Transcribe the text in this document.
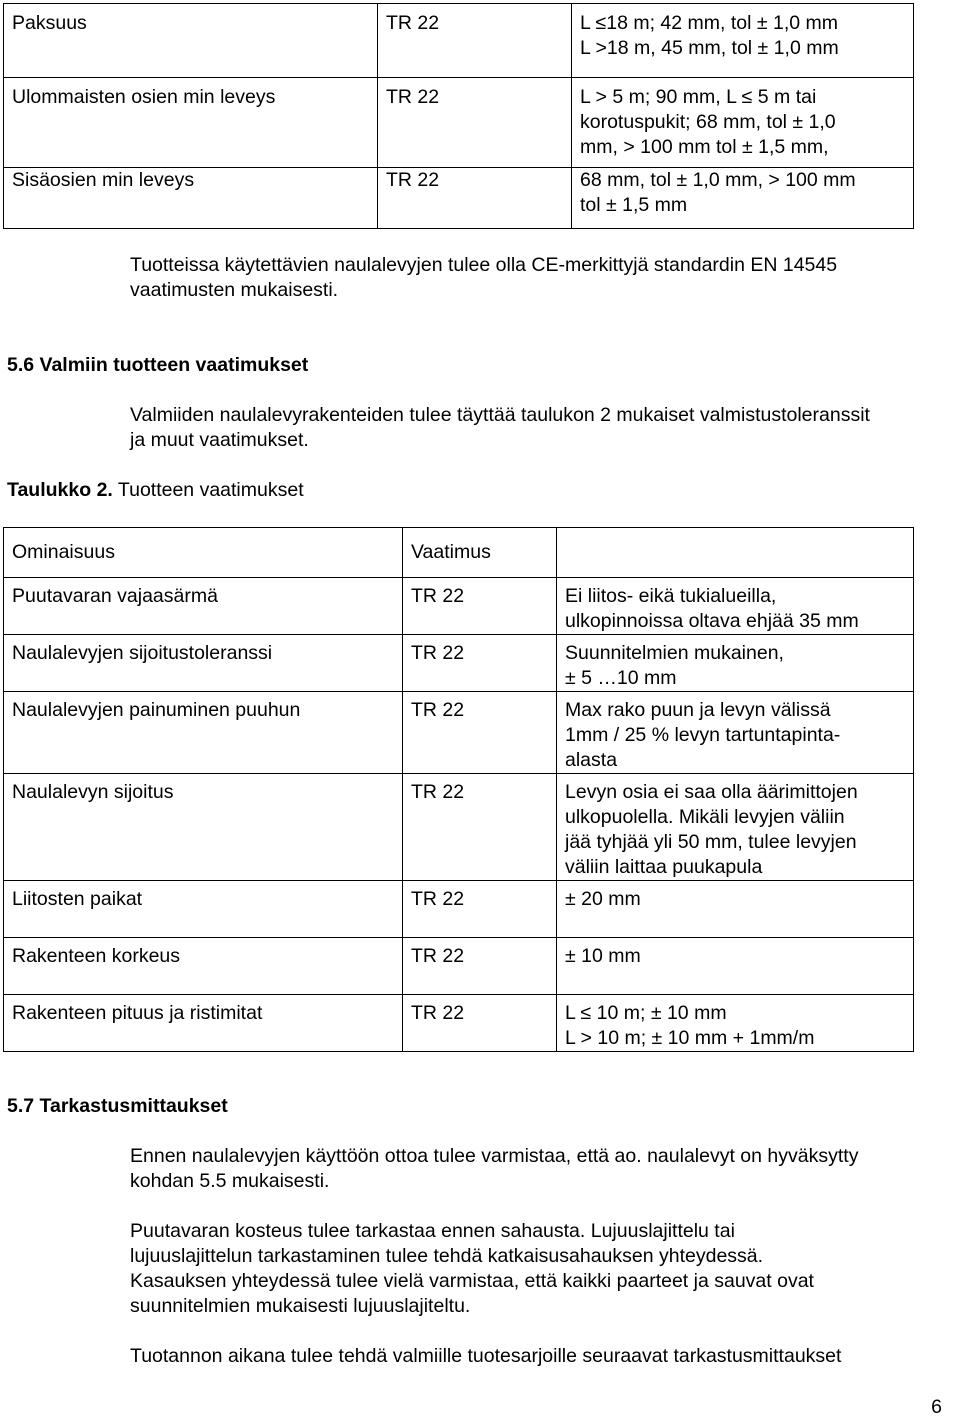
Paksuus	TR 22	L ≤18 m; 42 mm, tol ± 1,0 mm
L >18 m, 45 mm, tol ± 1,0 mm

Ulommaisten osien min leveys	TR 22	L > 5 m; 90 mm, L ≤ 5 m tai
korotuspukit; 68 mm, tol ± 1,0
mm, > 100 mm tol ± 1,5 mm,

Sisäosien min leveys	TR 22	68 mm, tol ± 1,0 mm, > 100 mm
tol ± 1,5 mm
Tuotteissa käytettävien naulalevyjen tulee olla CE-merkittyjä standardin EN 14545
vaatimusten mukaisesti.
5.6 Valmiin tuotteen vaatimukset
Valmiiden naulalevyrakenteiden tulee täyttää taulukon 2 mukaiset valmistustoleranssit
ja muut vaatimukset.
Taulukko 2. Tuotteen vaatimukset
Ominaisuus	Vaatimus	

Puutavaran vajaasärmä	TR 22	Ei liitos- eikä tukialueilla,
ulkopinnoissa oltava ehjää 35 mm

Naulalevyjen sijoitustoleranssi	TR 22	Suunnitelmien mukainen,
± 5 …10 mm

Naulalevyjen painuminen puuhun	TR 22	Max rako puun ja levyn välissä
1mm / 25 % levyn tartuntapinta-
alasta

Naulalevyn sijoitus	TR 22	Levyn osia ei saa olla äärimittojen
ulkopuolella. Mikäli levyjen väliin
jää tyhjää yli 50 mm, tulee levyjen
väliin laittaa puukapula

Liitosten paikat	TR 22	± 20 mm

Rakenteen korkeus	TR 22	± 10 mm

Rakenteen pituus ja ristimitat	TR 22	L ≤ 10 m; ± 10 mm
L > 10 m; ± 10 mm + 1mm/m
5.7 Tarkastusmittaukset
Ennen naulalevyjen käyttöön ottoa tulee varmistaa, että ao. naulalevyt on hyväksytty
kohdan 5.5 mukaisesti.
Puutavaran kosteus tulee tarkastaa ennen sahausta. Lujuuslajittelu tai
lujuuslajittelun tarkastaminen tulee tehdä katkaisusahauksen yhteydessä.
Kasauksen yhteydessä tulee vielä varmistaa, että kaikki paarteet ja sauvat ovat
suunnitelmien mukaisesti lujuuslajiteltu.
Tuotannon aikana tulee tehdä valmiille tuotesarjoille seuraavat tarkastusmittaukset
6
